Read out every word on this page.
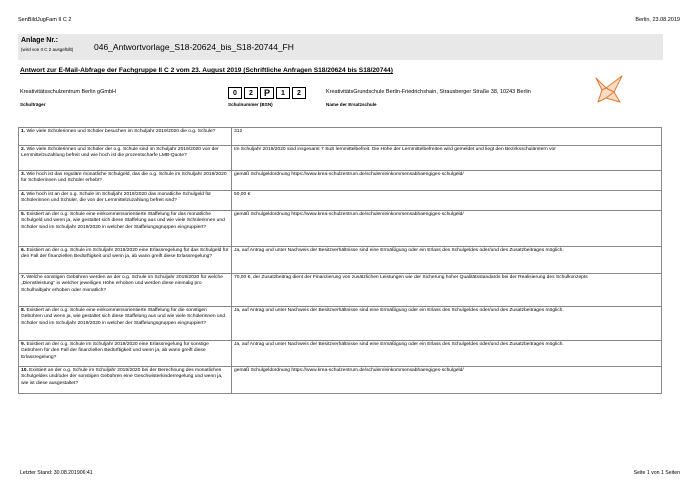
SenBildJugFam II C 2	Berlin, 23.08.2019
Anlage Nr.:
(wird von II C 2 ausgefüllt) 046_Antwortvorlage_S18-20624_bis_S18-20744_FH
Antwort zur E-Mail-Abfrage der Fachgruppe II C 2 vom 23. August 2019 (Schriftliche Anfragen S18/20624 bis S18/20744)
Kreativitätsschulzentrum Berlin gGmbH
Schulträger
0	2	P	1	2
Schulnummer (BSN)
KreativitätsGrundschule Berlin-Friedrichshain, Strausberger Straße 38, 10243 Berlin
Name der Ersatzschule
1. Wie viele Schülerinnen und Schüler besuchen im Schuljahr 2019/2020 die o.g. Schule?	312
2. Wie viele Schülerinnen und Schüler der o.g. Schule sind im Schuljahr 2019/2020 von der Lernmittelzuzahlung befreit und wie hoch ist die prozentscharfe LMB-Quote?	Im Schuljahr 2019/2020 sind insgesamt 7 SuS lernmittelbefreit. Die Höhe der Lernmittelbefreiten wird gemeldet und liegt den Bezirksschulämtern vor
3. Wie hoch ist das reguläre monatliche Schulgeld, das die o.g. Schule im Schuljahr 2019/2020 für Schülerinnen und Schüler erhebt?	gemäß Schulgeldordnung https://www.krea-schulzentrum.de/schulen/einkommensabhaengiges-schulgeld/
4. Wie hoch ist an der o.g. Schule im Schuljahr 2019/2020 das monatliche Schulgeld für Schülerinnen und Schüler, die von der Lernmittelzuzahlung befreit sind?	50,00 €
5. Existiert an der o.g. Schule eine einkommensorientierte Staffelung für das monatliche Schulgeld und wenn ja, wie gestaltet sich diese Staffelung aus und wie viele Schülerinnen und Schüler sind im Schuljahr 2019/2020 in welcher der Staffelungsgruppen eingruppiert?	gemäß Schulgeldordnung https://www.krea-schulzentrum.de/schulen/einkommensabhaengiges-schulgeld/
6. Existiert an der o.g. Schule im Schuljahr 2019/2020 eine Erlassregelung für das Schulgeld für den Fall der finanziellen Bedürftigkeit und wenn ja, ab wann greift diese Erlassregelung?	Ja, auf Antrag und unter Nachweis der Besitzverhältnisse sind eine Ermäßigung oder ein Erlass des Schulgeldes oder/und des Zusatzbeitrages möglich.
7. Welche sonstigen Gebühren werden an der o.g. Schule im Schuljahr 2019/2020 für welche „Dienstleistung" in welcher jeweiligen Höhe erhoben und werden diese einmalig pro Schulhalbjahr erhoben oder monatlich?	70,00 €, der Zusatzbeitrag dient der Finanzierung von zusätzlichen Leistungen wie der Sicherung hoher Qualitätsstandards bei der Realisierung des Schulkonzepts
8. Existiert an der o.g. Schule eine einkommensorientierte Staffelung für die sonstigen Gebühren und wenn ja, wie gestaltet sich diese Staffelung aus und wie viele Schülerinnen und Schüler sind im Schuljahr 2019/2020 in welcher der Staffelungsgruppen eingruppiert?	Ja, auf Antrag und unter Nachweis der Besitzverhältnisse sind eine Ermäßigung oder ein Erlass des Schulgeldes oder/und des Zusatzbeitrages möglich.
9. Existiert an der o.g. Schule im Schuljahr 2019/2020 eine Erlassregelung für sonstige Gebühren für den Fall der finanziellen Bedürftigkeit und wenn ja, ab wann greift diese Erlassregelung?	Ja, auf Antrag und unter Nachweis der Besitzverhältnisse sind eine Ermäßigung oder ein Erlass des Schulgeldes oder/und des Zusatzbeitrages möglich.
10. Existiert an der o.g. Schule im Schuljahr 2019/2020 bei der Berechnung des monatlichen Schulgeldes und/oder der sonstigen Gebühren eine Geschwisterkinderregelung und wenn ja, wie ist diese ausgestaltet?	gemäß Schulgeldordnung https://www.krea-schulzentrum.de/schulen/einkommensabhaengiges-schulgeld/
Letzter Stand: 30.08.201906:41	Seite 1 von 1 Seiten
